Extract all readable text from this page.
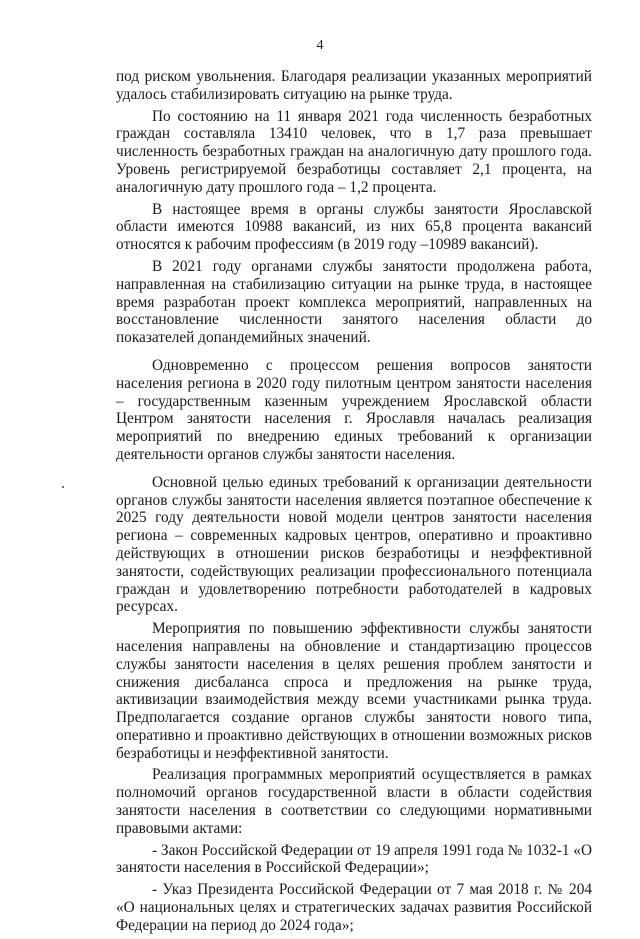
4

под риском увольнения. Благодаря реализации указанных мероприятий удалось стабилизировать ситуацию на рынке труда.

По состоянию на 11 января 2021 года численность безработных граждан составляла 13410 человек, что в 1,7 раза превышает численность безработных граждан на аналогичную дату прошлого года. Уровень регистрируемой безработицы составляет 2,1 процента, на аналогичную дату прошлого года – 1,2 процента.

В настоящее время в органы службы занятости Ярославской области имеются 10988 вакансий, из них 65,8 процента вакансий относятся к рабочим профессиям (в 2019 году –10989 вакансий).

В 2021 году органами службы занятости продолжена работа, направленная на стабилизацию ситуации на рынке труда, в настоящее время разработан проект комплекса мероприятий, направленных на восстановление численности занятого населения области до показателей допандемийных значений.

Одновременно с процессом решения вопросов занятости населения региона в 2020 году пилотным центром занятости населения – государственным казенным учреждением Ярославской области Центром занятости населения г. Ярославля началась реализация мероприятий по внедрению единых требований к организации деятельности органов службы занятости населения.

Основной целью единых требований к организации деятельности органов службы занятости населения является поэтапное обеспечение к 2025 году деятельности новой модели центров занятости населения региона – современных кадровых центров, оперативно и проактивно действующих в отношении рисков безработицы и неэффективной занятости, содействующих реализации профессионального потенциала граждан и удовлетворению потребности работодателей в кадровых ресурсах.

Мероприятия по повышению эффективности службы занятости населения направлены на обновление и стандартизацию процессов службы занятости населения в целях решения проблем занятости и снижения дисбаланса спроса и предложения на рынке труда, активизации взаимодействия между всеми участниками рынка труда. Предполагается создание органов службы занятости нового типа, оперативно и проактивно действующих в отношении возможных рисков безработицы и неэффективной занятости.

Реализация программных мероприятий осуществляется в рамках полномочий органов государственной власти в области содействия занятости населения в соответствии со следующими нормативными правовыми актами:

- Закон Российской Федерации от 19 апреля 1991 года № 1032-1 «О занятости населения в Российской Федерации»;

- Указ Президента Российской Федерации от 7 мая 2018 г. № 204 «О национальных целях и стратегических задачах развития Российской Федерации на период до 2024 года»;
